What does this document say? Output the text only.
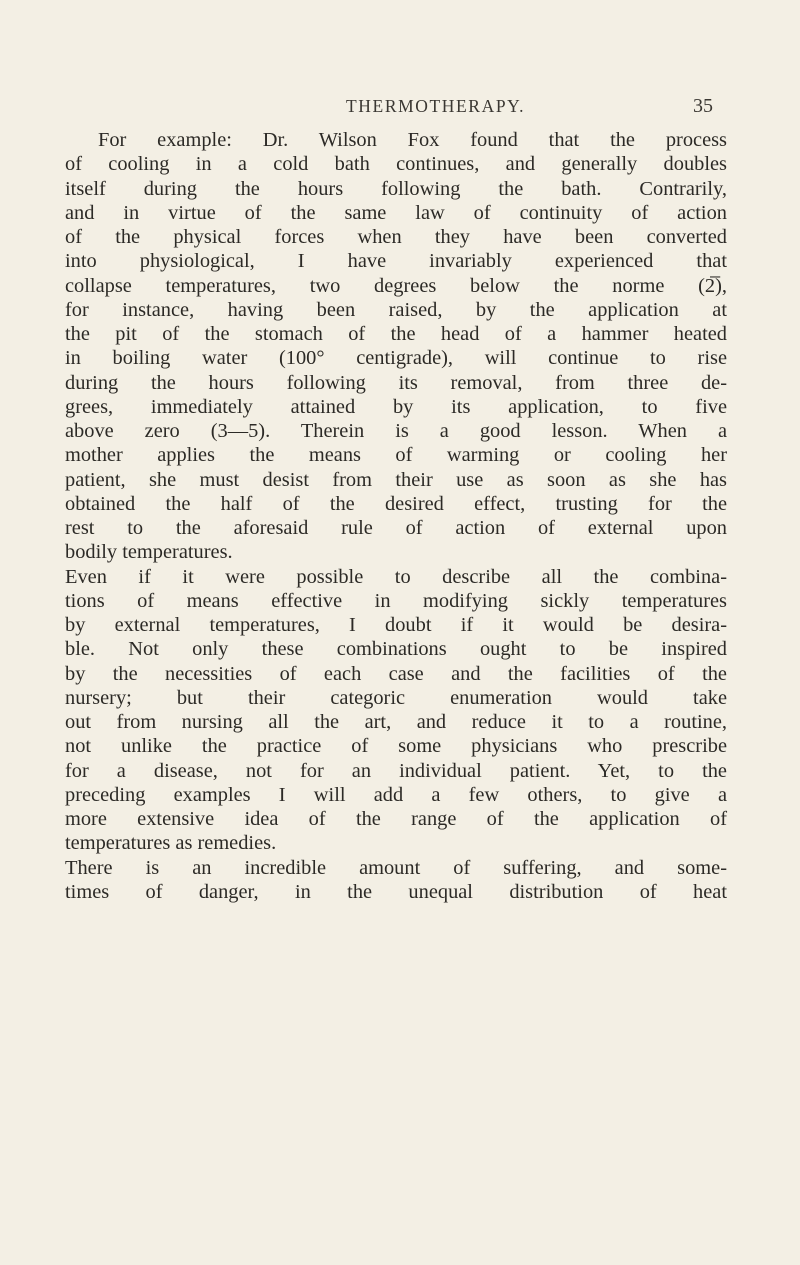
THERMOTHERAPY.	35
For example: Dr. Wilson Fox found that the process
of cooling in a cold bath continues, and generally doubles
itself during the hours following the bath. Contrarily,
and in virtue of the same law of continuity of action
of the physical forces when they have been converted
into physiological, I have invariably experienced that
collapse temperatures, two degrees below the norme (2̅),
for instance, having been raised, by the application at
the pit of the stomach of the head of a hammer heated
in boiling water (100° centigrade), will continue to rise
during the hours following its removal, from three de-
grees, immediately attained by its application, to five
above zero (3—5). Therein is a good lesson. When a
mother applies the means of warming or cooling her
patient, she must desist from their use as soon as she has
obtained the half of the desired effect, trusting for the
rest to the aforesaid rule of action of external upon
bodily temperatures.
Even if it were possible to describe all the combina-
tions of means effective in modifying sickly temperatures
by external temperatures, I doubt if it would be desira-
ble. Not only these combinations ought to be inspired
by the necessities of each case and the facilities of the
nursery; but their categoric enumeration would take
out from nursing all the art, and reduce it to a routine,
not unlike the practice of some physicians who prescribe
for a disease, not for an individual patient. Yet, to the
preceding examples I will add a few others, to give a
more extensive idea of the range of the application of
temperatures as remedies.
There is an incredible amount of suffering, and some-
times of danger, in the unequal distribution of heat
